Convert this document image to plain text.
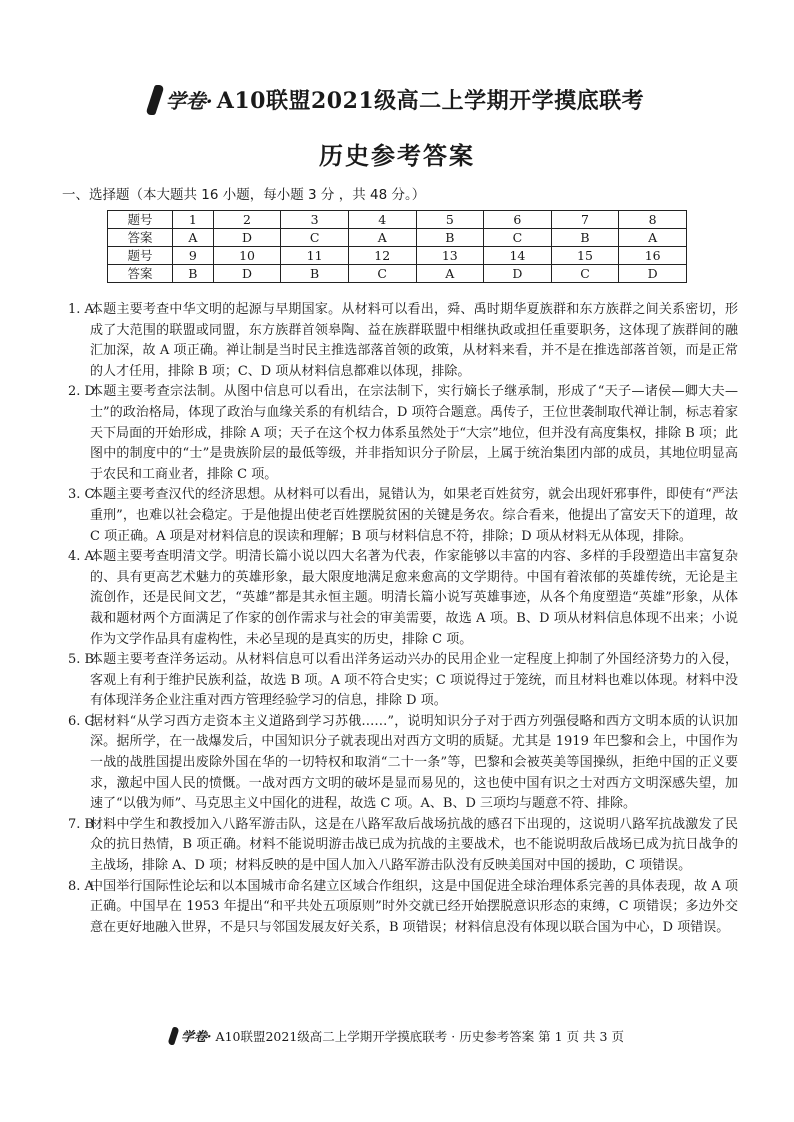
学卷· A10联盟2021级高二上学期开学摸底联考
历史参考答案
一、选择题（本大题共 16 小题，每小题 3 分 ，共 48 分。）
题号	1	2	3	4	5	6	7	8
答案	A	D	C	A	B	C	B	A
题号	9	10	11	12	13	14	15	16
答案	B	D	B	C	A	D	C	D
1. A
本题主要考查中华文明的起源与早期国家。从材料可以看出，舜、禹时期华夏族群和东方族群之间关系密切，形成了大范围的联盟或同盟，东方族群首领皋陶、益在族群联盟中相继执政或担任重要职务，这体现了族群间的融汇加深，故 A 项正确。禅让制是当时民主推选部落首领的政策，从材料来看，并不是在推选部落首领，而是正常的人才任用，排除 B 项；C、D 项从材料信息都难以体现，排除。
2. D
本题主要考查宗法制。从图中信息可以看出，在宗法制下，实行嫡长子继承制，形成了“天子—诸侯—卿大夫—士”的政治格局，体现了政治与血缘关系的有机结合，D 项符合题意。禹传子，王位世袭制取代禅让制，标志着家天下局面的开始形成，排除 A 项；天子在这个权力体系虽然处于“大宗”地位，但并没有高度集权，排除 B 项；此图中的制度中的“士”是贵族阶层的最低等级，并非指知识分子阶层，上属于统治集团内部的成员，其地位明显高于农民和工商业者，排除 C 项。
3. C
本题主要考查汉代的经济思想。从材料可以看出，晁错认为，如果老百姓贫穷，就会出现奸邪事件，即使有“严法重刑”，也难以社会稳定。于是他提出使老百姓摆脱贫困的关键是务农。综合看来，他提出了富安天下的道理，故 C 项正确。A 项是对材料信息的误读和理解；B 项与材料信息不符，排除；D 项从材料无从体现，排除。
4. A
本题主要考查明清文学。明清长篇小说以四大名著为代表，作家能够以丰富的内容、多样的手段塑造出丰富复杂的、具有更高艺术魅力的英雄形象，最大限度地满足愈来愈高的文学期待。中国有着浓郁的英雄传统，无论是主流创作，还是民间文艺，“英雄”都是其永恒主题。明清长篇小说写英雄事迹，从各个角度塑造“英雄”形象，从体裁和题材两个方面满足了作家的创作需求与社会的审美需要，故选 A 项。B、D 项从材料信息体现不出来；小说作为文学作品具有虚构性，未必呈现的是真实的历史，排除 C 项。
5. B
本题主要考查洋务运动。从材料信息可以看出洋务运动兴办的民用企业一定程度上抑制了外国经济势力的入侵，客观上有利于维护民族利益，故选 B 项。A 项不符合史实；C 项说得过于笼统，而且材料也难以体现。材料中没有体现洋务企业注重对西方管理经验学习的信息，排除 D 项。
6. C
据材料“从学习西方走资本主义道路到学习苏俄……”，说明知识分子对于西方列强侵略和西方文明本质的认识加深。据所学，在一战爆发后，中国知识分子就表现出对西方文明的质疑。尤其是 1919 年巴黎和会上，中国作为一战的战胜国提出废除外国在华的一切特权和取消“二十一条”等，巴黎和会被英美等国操纵，拒绝中国的正义要求，激起中国人民的愤慨。一战对西方文明的破坏是显而易见的，这也使中国有识之士对西方文明深感失望，加速了“以俄为师”、马克思主义中国化的进程，故选 C 项。A、B、D 三项均与题意不符、排除。
7. B
材料中学生和教授加入八路军游击队，这是在八路军敌后战场抗战的感召下出现的，这说明八路军抗战激发了民众的抗日热情，B 项正确。材料不能说明游击战已成为抗战的主要战术，也不能说明敌后战场已成为抗日战争的主战场，排除 A、D 项；材料反映的是中国人加入八路军游击队没有反映美国对中国的援助，C 项错误。
8. A
中国举行国际性论坛和以本国城市命名建立区域合作组织，这是中国促进全球治理体系完善的具体表现，故 A 项正确。中国早在 1953 年提出“和平共处五项原则”时外交就已经开始摆脱意识形态的束缚，C 项错误；多边外交意在更好地融入世界，不是只与邻国发展友好关系，B 项错误；材料信息没有体现以联合国为中心，D 项错误。
学卷· A10联盟2021级高二上学期开学摸底联考 · 历史参考答案 第 1 页 共 3 页
